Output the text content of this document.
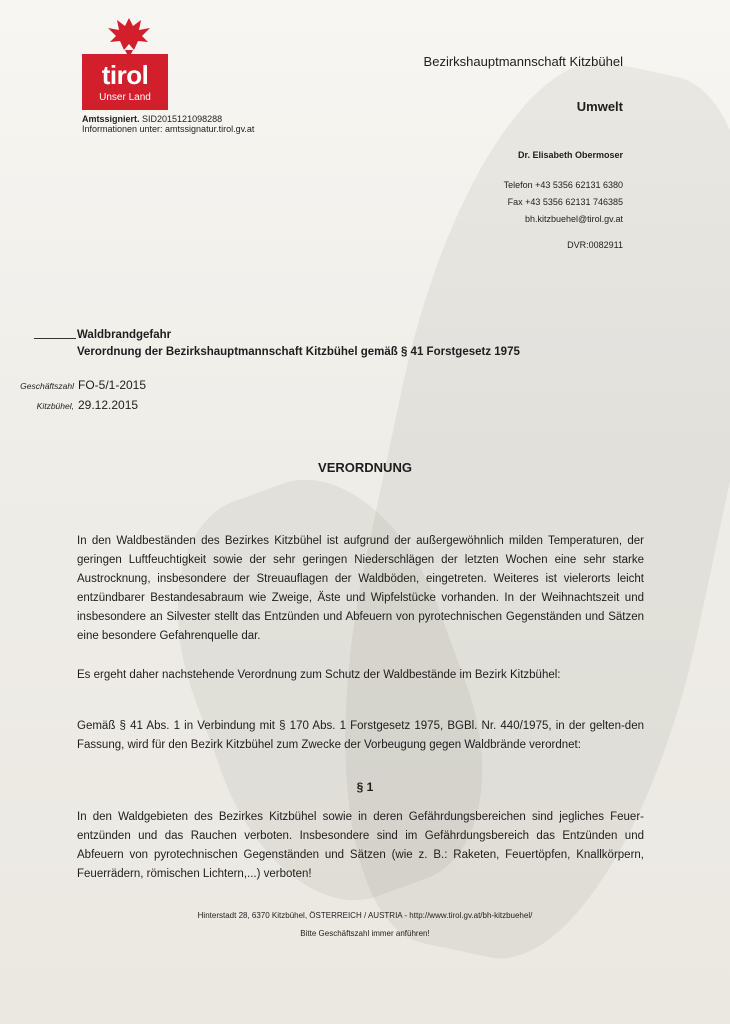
tirol
Unser Land
Amtssigniert. SID2015121098288
Informationen unter: amtssignatur.tirol.gv.at
Bezirkshauptmannschaft Kitzbühel
Umwelt
Dr. Elisabeth Obermoser
Telefon +43 5356 62131 6380
Fax +43 5356 62131 746385
bh.kitzbuehel@tirol.gv.at
DVR:0082911
Waldbrandgefahr
Verordnung der Bezirkshauptmannschaft Kitzbühel gemäß § 41 Forstgesetz 1975
Geschäftszahl FO-5/1-2015
Kitzbühel, 29.12.2015
VERORDNUNG
In den Waldbeständen des Bezirkes Kitzbühel ist aufgrund der außergewöhnlich milden Temperaturen, der geringen Luftfeuchtigkeit sowie der sehr geringen Niederschlägen der letzten Wochen eine sehr starke Austrocknung, insbesondere der Streuauflagen der Waldböden, eingetreten. Weiteres ist vielerorts leicht entzündbarer Bestandesabraum wie Zweige, Äste und Wipfelstücke vorhanden. In der Weihnachtszeit und insbesondere an Silvester stellt das Entzünden und Abfeuern von pyrotechnischen Gegenständen und Sätzen eine besondere Gefahrenquelle dar.
Es ergeht daher nachstehende Verordnung zum Schutz der Waldbestände im Bezirk Kitzbühel:
Gemäß § 41 Abs. 1 in Verbindung mit § 170 Abs. 1 Forstgesetz 1975, BGBl. Nr. 440/1975, in der gelten-den Fassung, wird für den Bezirk Kitzbühel zum Zwecke der Vorbeugung gegen Waldbrände verordnet:
§ 1
In den Waldgebieten des Bezirkes Kitzbühel sowie in deren Gefährdungsbereichen sind jegliches Feuer-entzünden und das Rauchen verboten. Insbesondere sind im Gefährdungsbereich das Entzünden und Abfeuern von pyrotechnischen Gegenständen und Sätzen (wie z. B.: Raketen, Feuertöpfen, Knallkörpern, Feuerrädern, römischen Lichtern,...) verboten!
Hinterstadt 28, 6370 Kitzbühel, ÖSTERREICH / AUSTRIA - http://www.tirol.gv.at/bh-kitzbuehel/
Bitte Geschäftszahl immer anführen!
